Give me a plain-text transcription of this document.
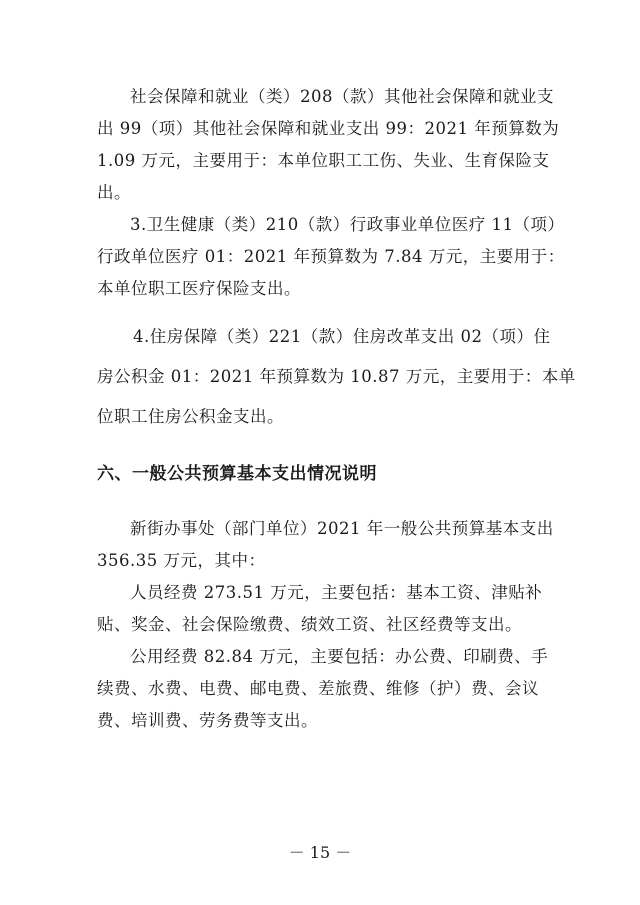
社会保障和就业（类）208（款）其他社会保障和就业支
出 99（项）其他社会保障和就业支出 99：2021 年预算数为
1.09 万元，主要用于：本单位职工工伤、失业、生育保险支
出。
3.卫生健康（类）210（款）行政事业单位医疗 11（项）
行政单位医疗 01：2021 年预算数为 7.84 万元，主要用于：
本单位职工医疗保险支出。
4.住房保障（类）221（款）住房改革支出 02（项）住
房公积金 01：2021 年预算数为 10.87 万元，主要用于：本单
位职工住房公积金支出。
六、一般公共预算基本支出情况说明
新街办事处（部门单位）2021 年一般公共预算基本支出
356.35 万元，其中：
人员经费 273.51 万元，主要包括：基本工资、津贴补
贴、奖金、社会保险缴费、绩效工资、社区经费等支出。
公用经费 82.84 万元，主要包括：办公费、印刷费、手
续费、水费、电费、邮电费、差旅费、维修（护）费、会议
费、培训费、劳务费等支出。
－ 15 －
